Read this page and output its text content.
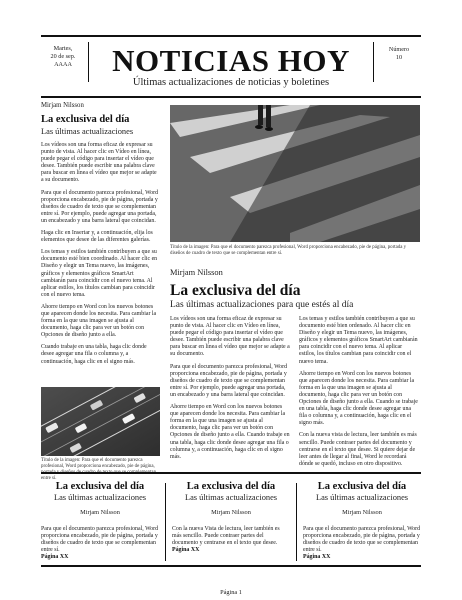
Martes,
20 de sep.
AAAA	NOTICIAS HOY
Últimas actualizaciones de noticias y boletines
Número
10
Mirjam Nilsson
La exclusiva del día
Las últimas actualizaciones

Los vídeos son una forma eficaz de expresar su punto de vista. Al hacer clic en Vídeo en línea, puede pegar el código para insertar el vídeo que desee. También puede escribir una palabra clave para buscar en línea el vídeo que mejor se adapte a su documento.

Para que el documento parezca profesional, Word proporciona encabezado, pie de página, portada y diseños de cuadro de texto que se complementan entre sí. Por ejemplo, puede agregar una portada, un encabezado y una barra lateral que coincidan.

Haga clic en Insertar y, a continuación, elija los elementos que desee de las diferentes galerías.

Los temas y estilos también contribuyen a que su documento esté bien coordinado. Al hacer clic en Diseño y elegir un Tema nuevo, las imágenes, gráficos y elementos gráficos SmartArt cambiarán para coincidir con el nuevo tema. Al aplicar estilos, los títulos cambian para coincidir con el nuevo tema.

Ahorre tiempo en Word con los nuevos botones que aparecen donde los necesita. Para cambiar la forma en la que una imagen se ajusta al documento, haga clic para ver un botón con Opciones de diseño junto a ella.

Cuando trabaje en una tabla, haga clic donde desee agregar una fila o columna y, a continuación, haga clic en el signo más.

Título de la imagen: Para que el documento parezca profesional, Word proporciona encabezado, pie de página, entre sí.
Título de la imagen: Para que el documento parezca profesional, Word proporciona encabezado, pie de página, portada y diseños de cuadro de texto que se complementan entre sí.
Mirjam Nilsson
La exclusiva del día
Las últimas actualizaciones para que estés al día

Los vídeos son una forma eficaz de expresar su punto de vista. Al hacer clic en Vídeo en línea, puede pegar el código para insertar el vídeo que desee. También puede escribir una palabra clave para buscar en línea el vídeo que mejor se adapte a su documento.

Para que el documento parezca profesional, Word proporciona encabezado, pie de página, portada y diseños de cuadro de texto que se complementan entre sí. Por ejemplo, puede agregar una portada, un encabezado y una barra lateral que coincidan.

Ahorre tiempo en Word con los nuevos botones que aparecen donde los necesita. Para cambiar la forma en la que una imagen se ajusta al documento, haga clic para ver un botón con Opciones de diseño junto a ella. Cuando trabaje en una tabla, haga clic donde desee agregar una fila o columna y, a continuación, haga clic en el signo más.

Los temas y estilos también contribuyen a que su documento esté bien ordenado. Al hacer clic en Diseño y elegir un Tema nuevo, las imágenes, gráficos y elementos gráficos SmartArt cambiarán para coincidir con el nuevo tema. Al aplicar estilos, los títulos cambian para coincidir con el nuevo tema.

Ahorre tiempo en Word con los nuevos botones que aparecen donde los necesita. Para cambiar la forma en la que una imagen se ajusta al documento, haga clic para ver un botón con Opciones de diseño junto a ella. Cuando se trabaje en una tabla, haga clic donde desee agregar una fila o columna y, a continuación, haga clic en el signo más.

Con la nueva vista de lectura, leer también es más sencillo. Puede contraer partes del documento y centrarse en el texto que desee. Si quiere dejar de leer antes de llegar al final, Word le recordará dónde se quedó, incluso en otro dispositivo.

La exclusiva del día
Las últimas actualizaciones
Mirjam Nilsson
Para que el documento parezca profesional, Word proporciona encabezado, pie de página, portada y diseños de cuadro de texto que se complementan entre sí.
Página XX
La exclusiva del día
Las últimas actualizaciones
Mirjam Nilsson
Con la nueva Vista de lectura, leer también es más sencillo. Puede contraer partes del documento y centrarse en el texto que desee.
Página XX
La exclusiva del día
Las últimas actualizaciones
Mirjam Nilsson
Para que el documento parezca profesional, Word proporciona encabezado, pie de página, portada y diseños de cuadro de texto que se complementan entre sí.
Página XX
Página 1
